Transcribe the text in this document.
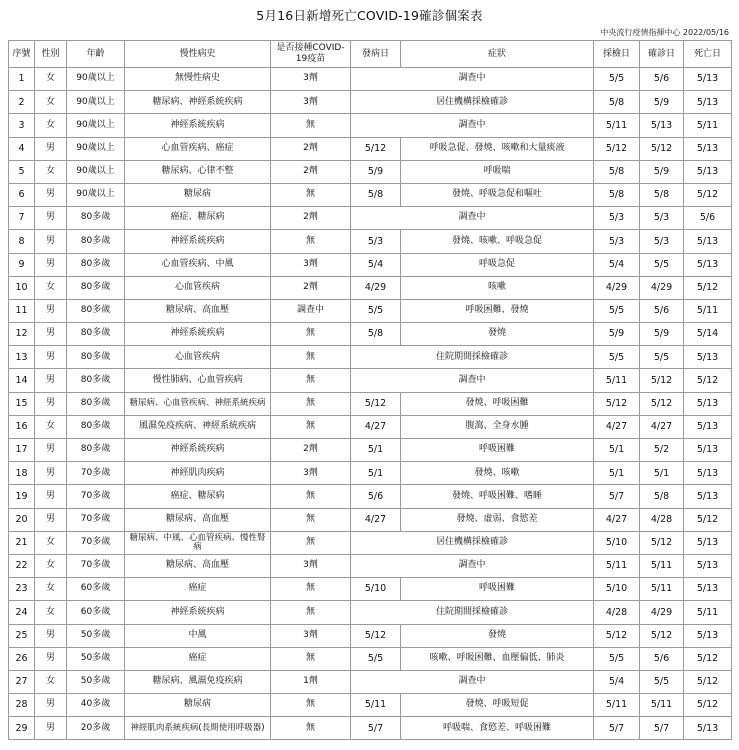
5月16日新增死亡COVID-19確診個案表
中央流行疫情指揮中心 2022/05/16
序號	性別	年齡	慢性病史	是否接種COVID-19疫苗	發病日	症狀	採檢日	確診日	死亡日
1	女	90歲以上	無慢性病史	3劑	調查中		5/5	5/6	5/13
2	女	90歲以上	糖尿病、神經系統疾病	3劑	居住機構採檢確診		5/8	5/9	5/13
3	女	90歲以上	神經系統疾病	無	調查中		5/11	5/13	5/11
4	男	90歲以上	心血管疾病、癌症	2劑	5/12	呼吸急促、發燒、咳嗽和大量痰液	5/12	5/12	5/13
5	女	90歲以上	糖尿病、心律不整	2劑	5/9	呼吸喘	5/8	5/9	5/13
6	男	90歲以上	糖尿病	無	5/8	發燒、呼吸急促和嘔吐	5/8	5/8	5/12
7	男	80多歲	癌症、糖尿病	2劑	調查中		5/3	5/3	5/6
8	男	80多歲	神經系統疾病	無	5/3	發燒、咳嗽、呼吸急促	5/3	5/3	5/13
9	男	80多歲	心血管疾病、中風	3劑	5/4	呼吸急促	5/4	5/5	5/13
10	女	80多歲	心血管疾病	2劑	4/29	咳嗽	4/29	4/29	5/12
11	男	80多歲	糖尿病、高血壓	調查中	5/5	呼吸困難、發燒	5/5	5/6	5/11
12	男	80多歲	神經系統疾病	無	5/8	發燒	5/9	5/9	5/14
13	男	80多歲	心血管疾病	無	住院期間採檢確診		5/5	5/5	5/13
14	男	80多歲	慢性肺病、心血管疾病	無	調查中		5/11	5/12	5/12
15	男	80多歲	糖尿病、心血管疾病、神經系統疾病	無	5/12	發燒、呼吸困難	5/12	5/12	5/13
16	女	80多歲	風濕免疫疾病、神經系統疾病	無	4/27	腹瀉、全身水腫	4/27	4/27	5/13
17	男	80多歲	神經系統疾病	2劑	5/1	呼吸困難	5/1	5/2	5/13
18	男	70多歲	神經肌肉疾病	3劑	5/1	發燒、咳嗽	5/1	5/1	5/13
19	男	70多歲	癌症、糖尿病	無	5/6	發燒、呼吸困難、嗜睡	5/7	5/8	5/13
20	男	70多歲	糖尿病、高血壓	無	4/27	發燒、虛弱、食慾差	4/27	4/28	5/12
21	女	70多歲	糖尿病、中風、心血管疾病、慢性腎病	無	居住機構採檢確診		5/10	5/12	5/13
22	女	70多歲	糖尿病、高血壓	3劑	調查中		5/11	5/11	5/13
23	女	60多歲	癌症	無	5/10	呼吸困難	5/10	5/11	5/13
24	女	60多歲	神經系統疾病	無	住院期間採檢確診		4/28	4/29	5/11
25	男	50多歲	中風	3劑	5/12	發燒	5/12	5/12	5/13
26	男	50多歲	癌症	無	5/5	咳嗽、呼吸困難、血壓偏低、肺炎	5/5	5/6	5/12
27	女	50多歲	糖尿病、風濕免疫疾病	1劑	調查中		5/4	5/5	5/12
28	男	40多歲	糖尿病	無	5/11	發燒、呼吸短促	5/11	5/11	5/12
29	男	20多歲	神經肌肉系統疾病(長期使用呼吸器)	無	5/7	呼吸喘、食慾差、呼吸困難	5/7	5/7	5/13
